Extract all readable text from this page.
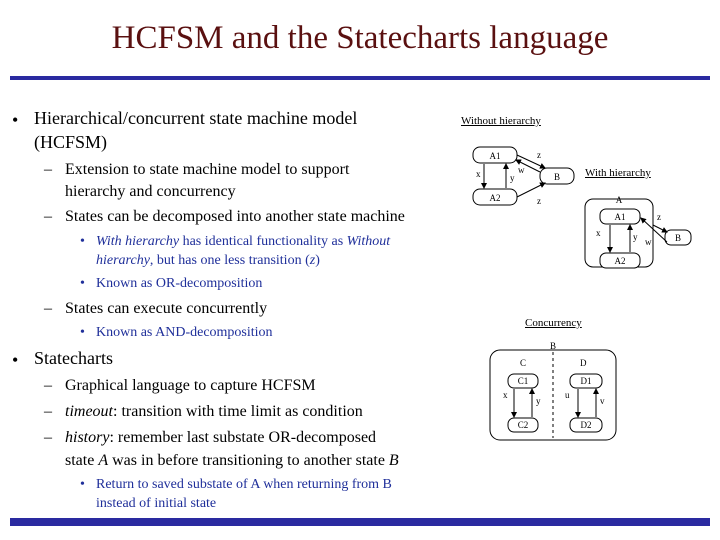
HCFSM and the Statecharts language
• Hierarchical/concurrent state machine model
(HCFSM)
– Extension to state machine model to support
hierarchy and concurrency
– States can be decomposed into another state machine
• With hierarchy has identical functionality as Without
hierarchy, but has one less transition (z)
• Known as OR-decomposition
– States can execute concurrently
• Known as AND-decomposition
• Statecharts
– Graphical language to capture HCFSM
– timeout: transition with time limit as condition
– history: remember last substate OR-decomposed
state A was in before transitioning to another state B
• Return to saved substate of A when returning from B
instead of initial state
Without hierarchy
With hierarchy
Concurrency
A1
A2
B
x	y
w
z
z	A
A1
A2
B
x	y
z
w
B
C	D
C1
C2
D1
D2
x
y
u
v
